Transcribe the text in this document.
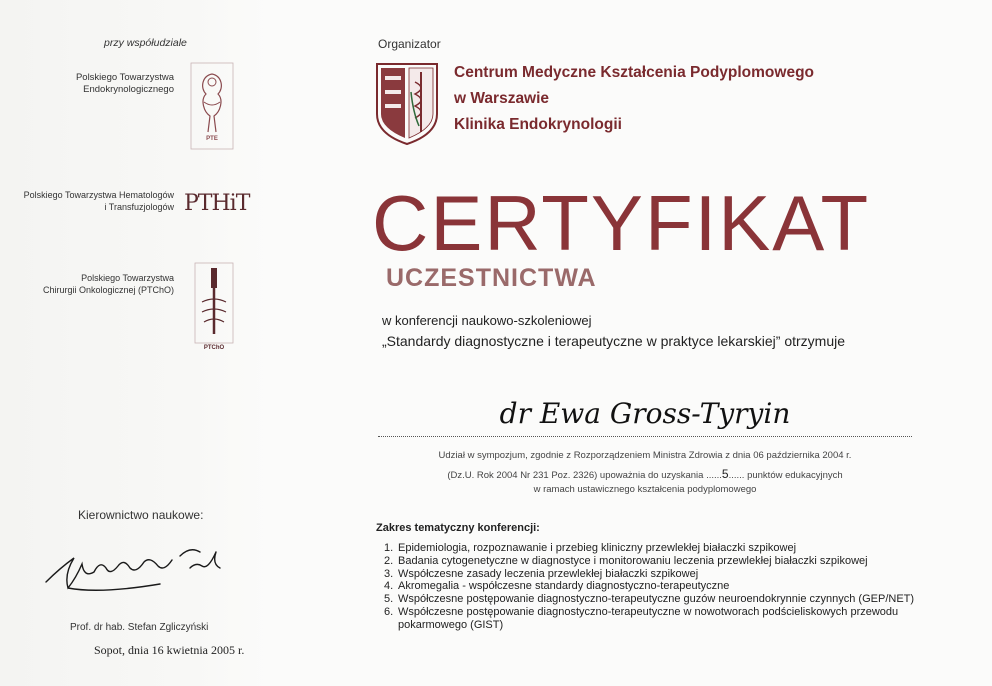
przy współudziale
Polskiego Towarzystwa
Endokrynologicznego
PTE
Polskiego Towarzystwa Hematologów
i Transfuzjologów PTHiT
Polskiego Towarzystwa
Chirurgii Onkologicznej (PTChO)
PTChO
Organizator
Centrum Medyczne Kształcenia Podyplomowego
w Warszawie
Klinika Endokrynologii
CERTYFIKAT
UCZESTNICTWA
w konferencji naukowo-szkoleniowej
„Standardy diagnostyczne i terapeutyczne w praktyce lekarskiej” otrzymuje
dr Ewa Gross-Tyryin
Udział w sympozjum, zgodnie z Rozporządzeniem Ministra Zdrowia z dnia 06 października 2004 r.
(Dz.U. Rok 2004 Nr 231 Poz. 2326) upoważnia do uzyskania ......5...... punktów edukacyjnych
w ramach ustawicznego kształcenia podyplomowego
Zakres tematyczny konferencji:
1. Epidemiologia, rozpoznawanie i przebieg kliniczny przewlekłej białaczki szpikowej
2. Badania cytogenetyczne w diagnostyce i monitorowaniu leczenia przewlekłej białaczki szpikowej
3. Współczesne zasady leczenia przewlekłej białaczki szpikowej
4. Akromegalia - współczesne standardy diagnostyczno-terapeutyczne
5. Współczesne postępowanie diagnostyczno-terapeutyczne guzów neuroendokrynnie czynnych (GEP/NET)
6. Współczesne postępowanie diagnostyczno-terapeutyczne w nowotworach podścieliskowych przewodu pokarmowego (GIST)
Kierownictwo naukowe:
Prof. dr hab. Stefan Zgliczyński
Sopot, dnia 16 kwietnia 2005 r.
